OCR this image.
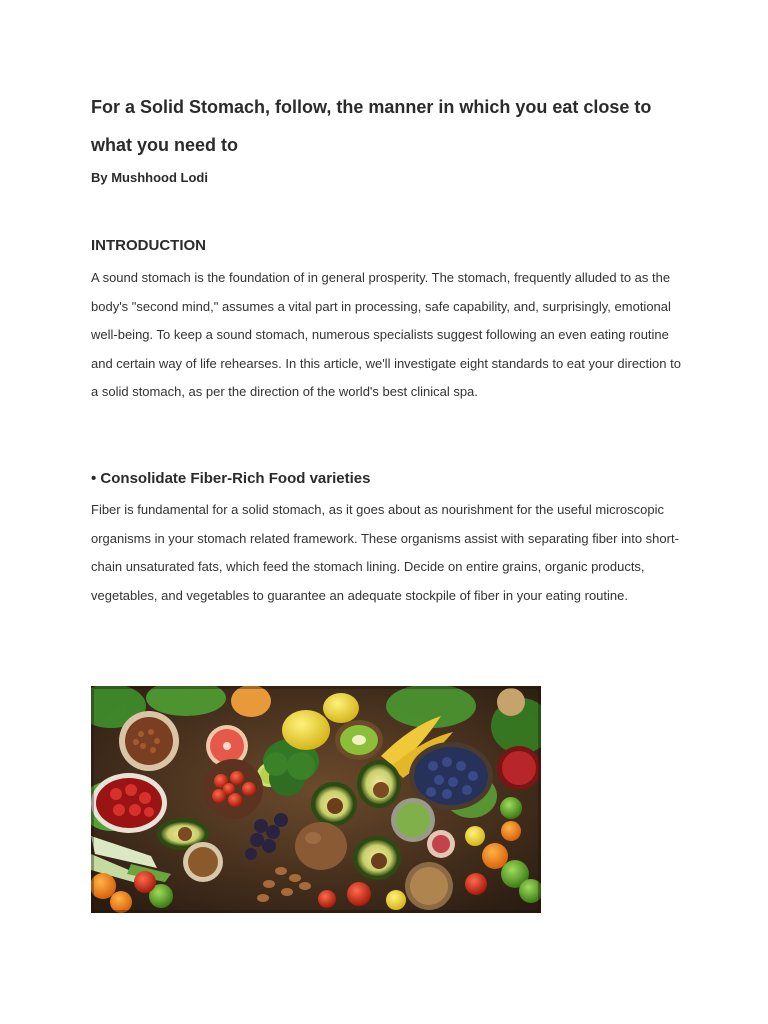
For a Solid Stomach, follow, the manner in which you eat close to what you need to

By Mushhood Lodi

INTRODUCTION

A sound stomach is the foundation of in general prosperity. The stomach, frequently alluded to as the body's "second mind," assumes a vital part in processing, safe capability, and, surprisingly, emotional well-being. To keep a sound stomach, numerous specialists suggest following an even eating routine and certain way of life rehearses. In this article, we'll investigate eight standards to eat your direction to a solid stomach, as per the direction of the world's best clinical spa.

• Consolidate Fiber-Rich Food varieties

Fiber is fundamental for a solid stomach, as it goes about as nourishment for the useful microscopic organisms in your stomach related framework. These organisms assist with separating fiber into short-chain unsaturated fats, which feed the stomach lining. Decide on entire grains, organic products, vegetables, and vegetables to guarantee an adequate stockpile of fiber in your eating routine.
